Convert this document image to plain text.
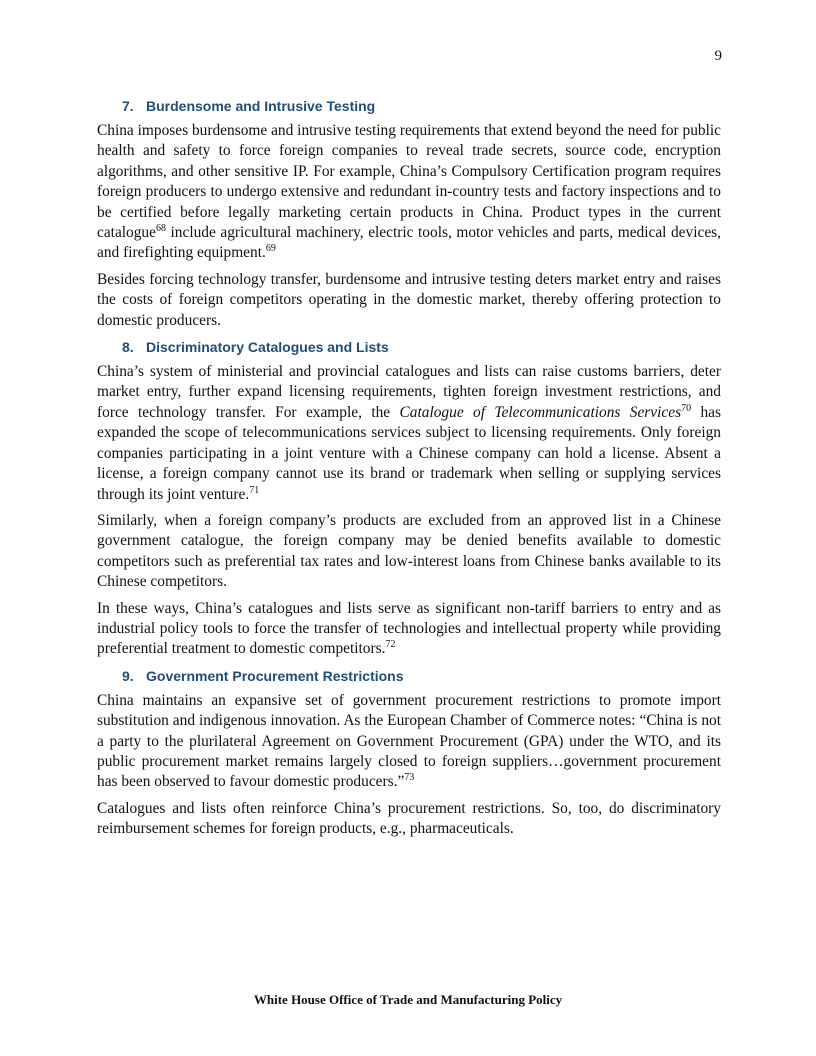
9
7. Burdensome and Intrusive Testing

China imposes burdensome and intrusive testing requirements that extend beyond the need for public health and safety to force foreign companies to reveal trade secrets, source code, encryption algorithms, and other sensitive IP. For example, China’s Compulsory Certification program requires foreign producers to undergo extensive and redundant in-country tests and factory inspections and to be certified before legally marketing certain products in China. Product types in the current catalogue$^{68}$ include agricultural machinery, electric tools, motor vehicles and parts, medical devices, and firefighting equipment.$^{69}$

Besides forcing technology transfer, burdensome and intrusive testing deters market entry and raises the costs of foreign competitors operating in the domestic market, thereby offering protection to domestic producers.

8. Discriminatory Catalogues and Lists

China’s system of ministerial and provincial catalogues and lists can raise customs barriers, deter market entry, further expand licensing requirements, tighten foreign investment restrictions, and force technology transfer. For example, the Catalogue of Telecommunications Services$^{70}$ has expanded the scope of telecommunications services subject to licensing requirements. Only foreign companies participating in a joint venture with a Chinese company can hold a license. Absent a license, a foreign company cannot use its brand or trademark when selling or supplying services through its joint venture.$^{71}$

Similarly, when a foreign company’s products are excluded from an approved list in a Chinese government catalogue, the foreign company may be denied benefits available to domestic competitors such as preferential tax rates and low-interest loans from Chinese banks available to its Chinese competitors.

In these ways, China’s catalogues and lists serve as significant non-tariff barriers to entry and as industrial policy tools to force the transfer of technologies and intellectual property while providing preferential treatment to domestic competitors.$^{72}$

9. Government Procurement Restrictions

China maintains an expansive set of government procurement restrictions to promote import substitution and indigenous innovation. As the European Chamber of Commerce notes: “China is not a party to the plurilateral Agreement on Government Procurement (GPA) under the WTO, and its public procurement market remains largely closed to foreign suppliers…government procurement has been observed to favour domestic producers.”$^{73}$

Catalogues and lists often reinforce China’s procurement restrictions. So, too, do discriminatory reimbursement schemes for foreign products, e.g., pharmaceuticals.

White House Office of Trade and Manufacturing Policy
